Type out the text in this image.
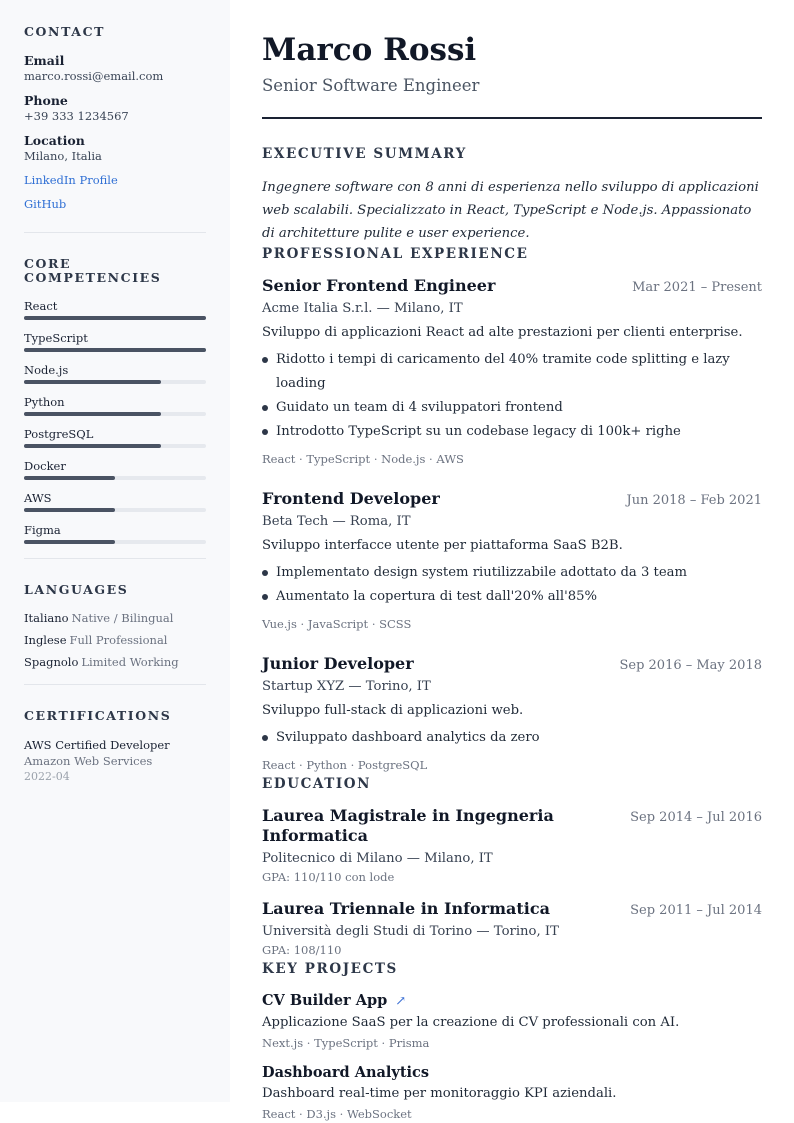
CONTACT
Email
marco.rossi@email.com
Phone
+39 333 1234567
Location
Milano, Italia
LinkedIn Profile
GitHub
CORE COMPETENCIES
React
TypeScript
Node.js
Python
PostgreSQL
Docker
AWS
Figma
LANGUAGES
Italiano Native / Bilingual
Inglese Full Professional
Spagnolo Limited Working
CERTIFICATIONS
AWS Certified Developer
Amazon Web Services
2022-04
Marco Rossi
Senior Software Engineer
EXECUTIVE SUMMARY
Ingegnere software con 8 anni di esperienza nello sviluppo di applicazioni web scalabili. Specializzato in React, TypeScript e Node.js. Appassionato di architetture pulite e user experience.
PROFESSIONAL EXPERIENCE
Senior Frontend Engineer	Mar 2021 – Present
Acme Italia S.r.l. — Milano, IT
Sviluppo di applicazioni React ad alte prestazioni per clienti enterprise.
Ridotto i tempi di caricamento del 40% tramite code splitting e lazy loading
Guidato un team di 4 sviluppatori frontend
Introdotto TypeScript su un codebase legacy di 100k+ righe
React · TypeScript · Node.js · AWS
Frontend Developer	Jun 2018 – Feb 2021
Beta Tech — Roma, IT
Sviluppo interfacce utente per piattaforma SaaS B2B.
Implementato design system riutilizzabile adottato da 3 team
Aumentato la copertura di test dall'20% all'85%
Vue.js · JavaScript · SCSS
Junior Developer	Sep 2016 – May 2018
Startup XYZ — Torino, IT
Sviluppo full-stack di applicazioni web.
Sviluppato dashboard analytics da zero
React · Python · PostgreSQL
EDUCATION
Laurea Magistrale in Ingegneria Informatica
Sep 2014 – Jul 2016
Politecnico di Milano — Milano, IT
GPA: 110/110 con lode
Laurea Triennale in Informatica	Sep 2011 – Jul 2014
Università degli Studi di Torino — Torino, IT
GPA: 108/110
KEY PROJECTS
CV Builder App ↗
Applicazione SaaS per la creazione di CV professionali con AI.
Next.js · TypeScript · Prisma
Dashboard Analytics
Dashboard real-time per monitoraggio KPI aziendali.
React · D3.js · WebSocket
